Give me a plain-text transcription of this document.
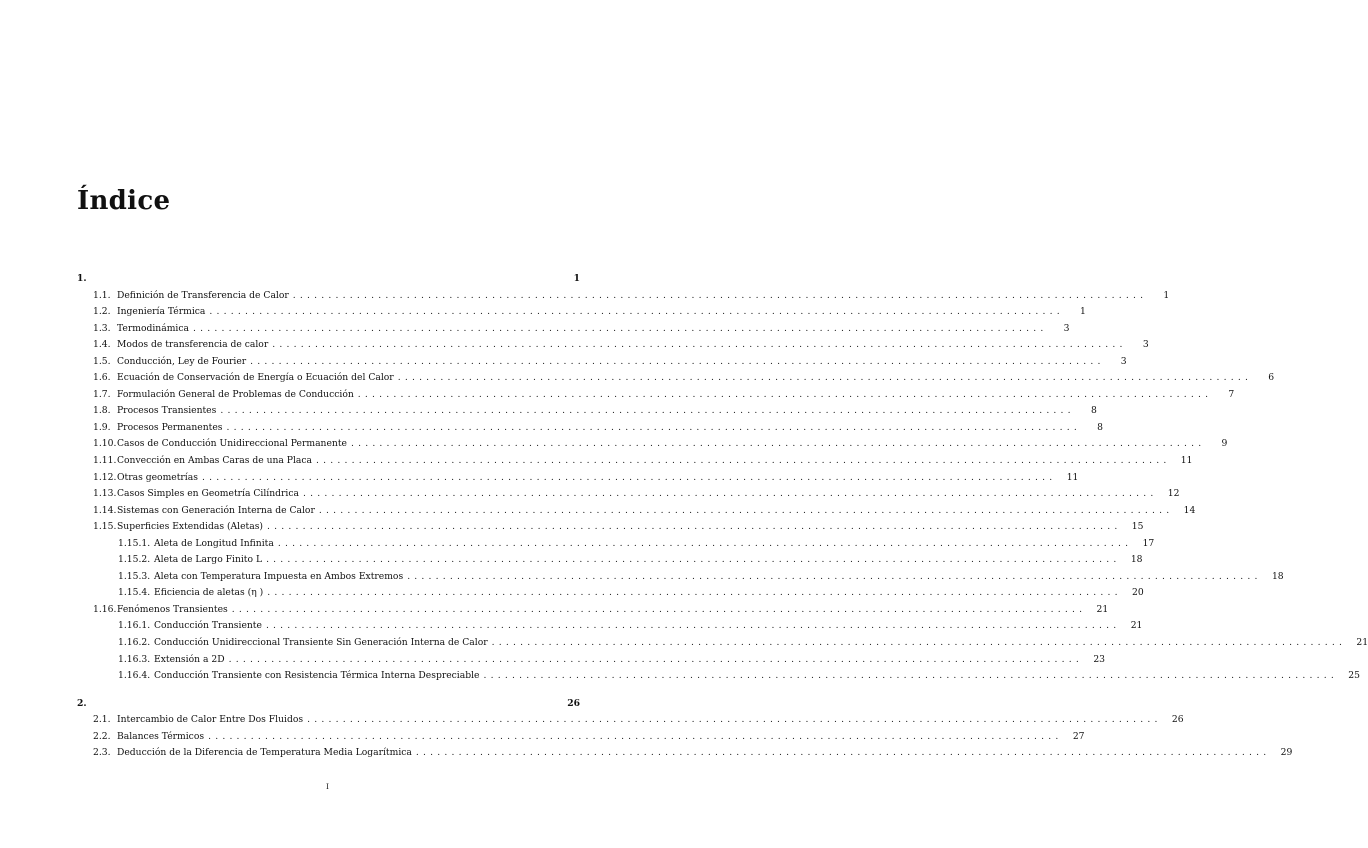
Índice
1.	1
1.1. Definición de Transferencia de Calor ........................................................................................................................	1
1.2. Ingeniería Térmica ........................................................................................................................	1
1.3. Termodinámica ........................................................................................................................	3
1.4. Modos de transferencia de calor ........................................................................................................................	3
1.5. Conducción, Ley de Fourier ........................................................................................................................	3
1.6. Ecuación de Conservación de Energía o Ecuación del Calor ........................................................................................................................	6
1.7. Formulación General de Problemas de Conducción ........................................................................................................................	7
1.8. Procesos Transientes ........................................................................................................................	8
1.9. Procesos Permanentes ........................................................................................................................	8
1.10. Casos de Conducción Unidireccional Permanente ........................................................................................................................	9
1.11. Convección en Ambas Caras de una Placa ........................................................................................................................	11
1.12. Otras geometrías ........................................................................................................................	11
1.13. Casos Simples en Geometría Cilíndrica ........................................................................................................................	12
1.14. Sistemas con Generación Interna de Calor ........................................................................................................................	14
1.15. Superficies Extendidas (Aletas) ........................................................................................................................	15
1.15.1. Aleta de Longitud Infinita ........................................................................................................................	17
1.15.2. Aleta de Largo Finito L ........................................................................................................................	18
1.15.3. Aleta con Temperatura Impuesta en Ambos Extremos ........................................................................................................................	18
1.15.4. Eficiencia de aletas (η ) ........................................................................................................................	20
1.16. Fenómenos Transientes ........................................................................................................................	21
1.16.1. Conducción Transiente ........................................................................................................................	21
1.16.2. Conducción Unidireccional Transiente Sin Generación Interna de Calor ........................................................................................................................	21
1.16.3. Extensión a 2D ........................................................................................................................	23
1.16.4. Conducción Transiente con Resistencia Térmica Interna Despreciable ........................................................................................................................	25
2.	26
2.1. Intercambio de Calor Entre Dos Fluidos ........................................................................................................................	26
2.2. Balances Térmicos ........................................................................................................................	27
2.3. Deducción de la Diferencia de Temperatura Media Logarítmica ........................................................................................................................	29
I
